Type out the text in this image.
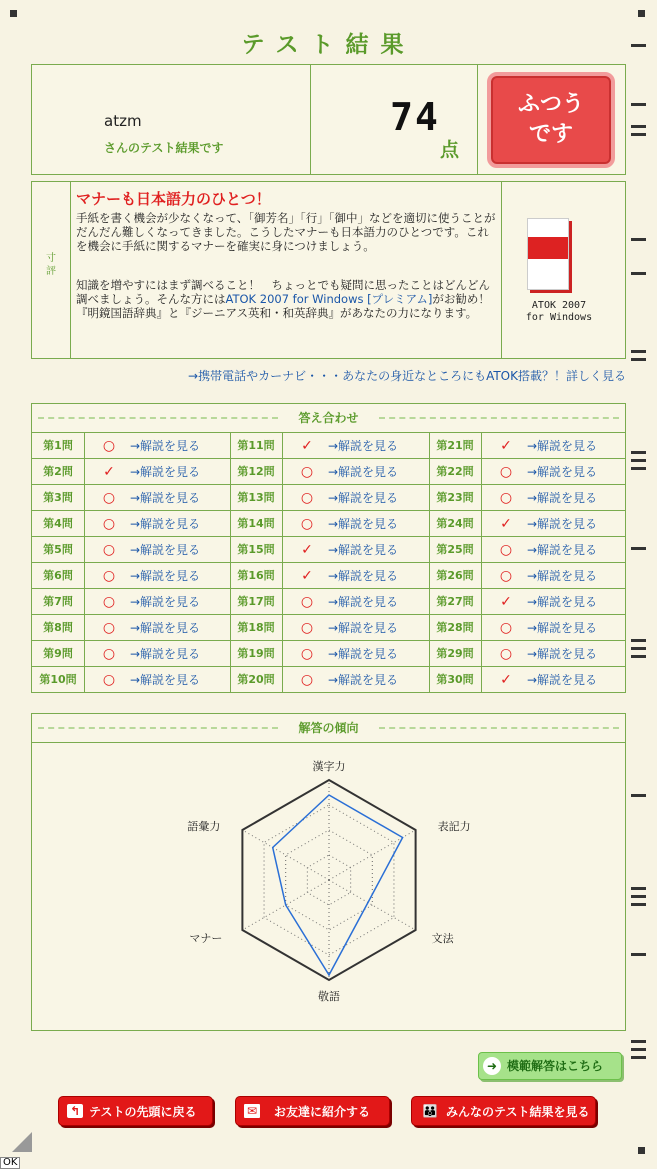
テスト結果
atzm
さんのテスト結果です
74
点
ふつう
です
寸
評
マナーも日本語力のひとつ！

手紙を書く機会が少なくなって、「御芳名」「行」「御中」などを適切に使うことがだんだん難しくなってきました。こうしたマナーも日本語力のひとつです。これを機会に手紙に関するマナーを確実に身につけましょう。

知識を増やすにはまず調べること！　ちょっとでも疑問に思ったことはどんどん調べましょう。そんな方にはATOK 2007 for Windows [プレミアム]がお勧め！　『明鏡国語辞典』と『ジーニアス英和・和英辞典』があなたの力になります。

ATOK 2007
for Windows
→携帯電話やカーナビ・・・あなたの身近なところにもATOK搭載？！詳しく見る
答え合わせ
第1問	○	→解説を見る	第11問	✓	→解説を見る	第21問	✓	→解説を見る
第2問	✓	→解説を見る	第12問	○	→解説を見る	第22問	○	→解説を見る
第3問	○	→解説を見る	第13問	○	→解説を見る	第23問	○	→解説を見る
第4問	○	→解説を見る	第14問	○	→解説を見る	第24問	✓	→解説を見る
第5問	○	→解説を見る	第15問	✓	→解説を見る	第25問	○	→解説を見る
第6問	○	→解説を見る	第16問	✓	→解説を見る	第26問	○	→解説を見る
第7問	○	→解説を見る	第17問	○	→解説を見る	第27問	✓	→解説を見る
第8問	○	→解説を見る	第18問	○	→解説を見る	第28問	○	→解説を見る
第9問	○	→解説を見る	第19問	○	→解説を見る	第29問	○	→解説を見る
第10問	○	→解説を見る	第20問	○	→解説を見る	第30問	✓	→解説を見る
解答の傾向
漢字力
表記力
文法
敬語
マナー
語彙力
➜ 模範解答はこちら
↰ テストの先頭に戻る	✉ お友達に紹介する	👪 みんなのテスト結果を見る
OK
